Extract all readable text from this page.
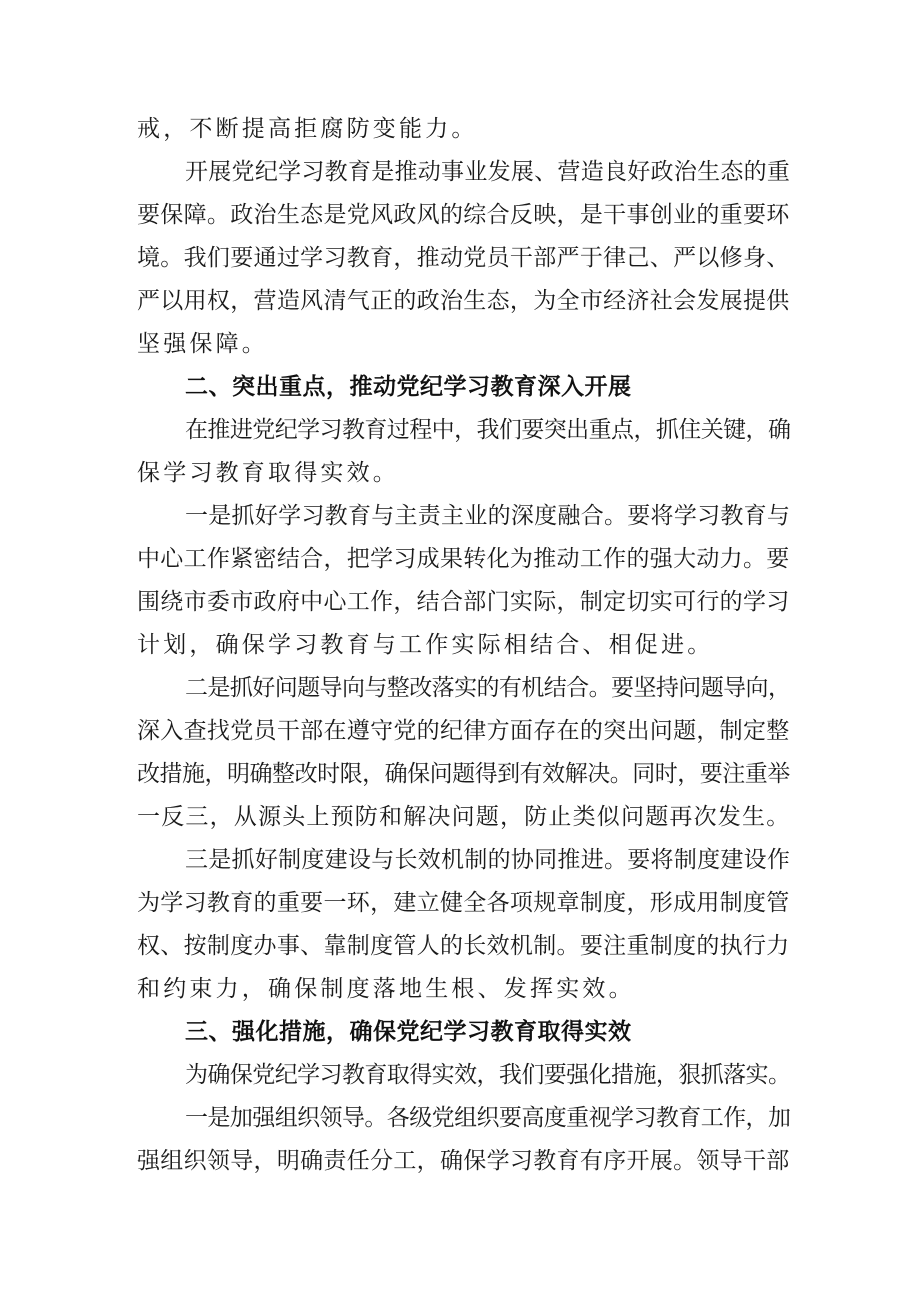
戒，不断提高拒腐防变能力。
开展党纪学习教育是推动事业发展、营造良好政治生态的重
要保障。政治生态是党风政风的综合反映，是干事创业的重要环
境。我们要通过学习教育，推动党员干部严于律己、严以修身、
严以用权，营造风清气正的政治生态，为全市经济社会发展提供
坚强保障。
二、突出重点，推动党纪学习教育深入开展
在推进党纪学习教育过程中，我们要突出重点，抓住关键，确
保学习教育取得实效。
一是抓好学习教育与主责主业的深度融合。要将学习教育与
中心工作紧密结合，把学习成果转化为推动工作的强大动力。要
围绕市委市政府中心工作，结合部门实际，制定切实可行的学习
计划，确保学习教育与工作实际相结合、相促进。
二是抓好问题导向与整改落实的有机结合。要坚持问题导向，
深入查找党员干部在遵守党的纪律方面存在的突出问题，制定整
改措施，明确整改时限，确保问题得到有效解决。同时，要注重举
一反三，从源头上预防和解决问题，防止类似问题再次发生。
三是抓好制度建设与长效机制的协同推进。要将制度建设作
为学习教育的重要一环，建立健全各项规章制度，形成用制度管
权、按制度办事、靠制度管人的长效机制。要注重制度的执行力
和约束力，确保制度落地生根、发挥实效。
三、强化措施，确保党纪学习教育取得实效
为确保党纪学习教育取得实效，我们要强化措施，狠抓落实。
一是加强组织领导。各级党组织要高度重视学习教育工作，加
强组织领导，明确责任分工，确保学习教育有序开展。领导干部
